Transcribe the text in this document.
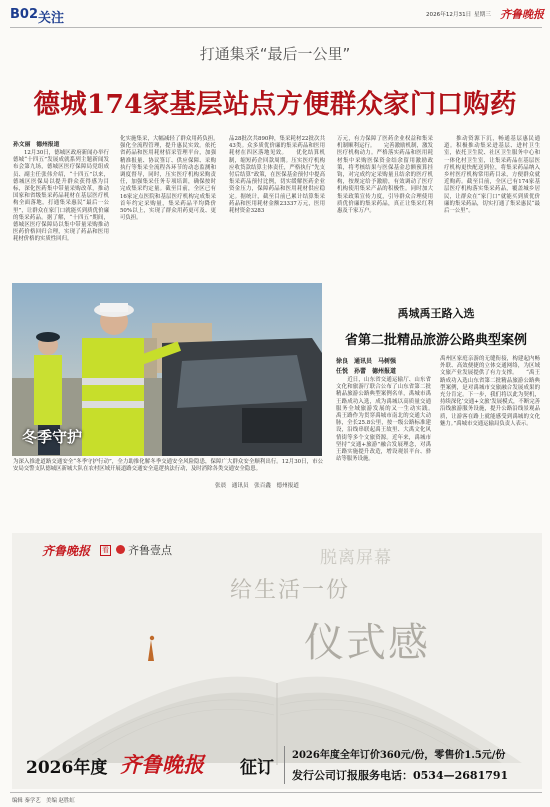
B02 关注	2026年12月31日 星期三 齐鲁晚报
打通集采“最后一公里”
德城174家基层站点方便群众家门口购药
孙文丽　德州报道
　　12月30日，德城区政府新闻办举行德城“十四五”发展成就系列主题新闻发布会第九场，德城区医疗保障局党组成员、副主任张伟介绍，“十四五”以来，德城区医保局以提升群众获得感为目标，深化医药集中带量采购改革，推动国家和省级集采药品耗材在基层医疗机构全面落地，打通集采惠民“最后一公里”，让群众在家门口就能买到质优价廉的集采药品。据了解，“十四五”期间，德城区医疗保障局以集中带量采购推动医药价格回归合理，实现了药品和医用耗材价格的实质性回归。
化实施集采，大幅减轻了群众用药负担。　　强化全流程管理，提升惠民实效。依托省药品和医用耗材招采管理平台，加强精准报量、协议签订、供应保障、采购执行等集采全流程各环节的动态监测和调度督导，同时，压实医疗机构采购责任，加强集采任务专项培训，确保按时完成集采约定量。截至目前，全区已有16家定点医院和基层医疗机构完成集采首年约定采购量，集采药品平均降价50%以上，实现了群众用药更可及、更可负担。
品28批次共890种，集采耗材22批次共43类。众多质优价廉的集采药品和医用耗材在四区落地见效。　　优化结算机制，缩短药企回款周期。压实医疗机构应收货款结算主体责任，严格执行“先支付后结算”政策，在医保基金预付中提高集采药品预付比例，切实缓解医药企业资金压力，保障药品和医用耗材供应稳定。据统计，截至目前已累计结算集采药品和医用耗材金额23337万元，医用耗材资金3283
万元，有力保障了医药企业权益和集采机制顺利运行。　　完善激励机制，激发医疗机构动力。严格落实药品和医用耗材集中采购医保资金结余留用激励政策，将考核结果与医保基金总额预算挂钩，对完成约定采购量且结余的医疗机构，按规定给予激励，有效调动了医疗机构使用集采产品的积极性。同时加大集采政策宣传力度，引导群众合理使用质优价廉的集采药品，真正让集采红利惠及千家万户。
　　推动资源下沉，畅通基层惠民通道。积极推动集采进基层、进村卫生室，依托卫生院、社区卫生服务中心和一体化村卫生室，让集采药品在基层医疗机构更快配送到位，将集采药品纳入乡村医疗机构常用药目录，方便群众就近购药。截至目前，全区已有174家基层医疗机构落实集采药品，覆盖城乡居民，让群众在“家门口”就能买到质优价廉的集采药品，切实打通了集采惠民“最后一公里”。
冬季守护
为深入推进道路交通安全“冬季守护行动”，全力助推化解冬季交通安全风险隐患，保障广大群众安全顺利出行。12月30日，市公安局交警支队德城区新城大队在农村区域开展道路交通安全巡逻执法行动，及时消除各类交通安全隐患。
张晨　通讯员　张百鑫　德州报道
禹城禹王路入选
省第二批精品旅游公路典型案例
徐良　通讯员　马树强
任悦　孙蕾　德州报道
　　近日，山东省交通运输厅、山东省文化和旅游厅联合公布了山东省第二批精品旅游公路典型案例名单，禹城市禹王路成功入选，成为禹城以高质量交通服务全域旅游发展的又一生动实践。　　禹王路作为贯穿禹城市南北的交通大动脉，全长25.8公里，按一级公路标准建设，沿线串联起禹王故里、大禹文化风情街等多个文旅资源。近年来，禹城市坚持“交通+旅游”融合发展理念，对禹王路实施提升改造，增设观景平台、驿站等服务设施。
禹州区家庭亲游的无缝衔接，构建起内畅外联、高效便捷的立体交通网络，为区域文旅产业发展提供了有力支撑。　　“禹王路成功入选山东省第二批精品旅游公路典型案例，是对禹城市交旅融合发展成果的充分肯定。下一步，我们将以此为契机，持续深化‘交通+文旅’发展模式，不断完善沿线旅游服务设施，提升公路沿线景观品质，让游客在路上就能感受到禹城的文化魅力。”禹城市交通运输局负责人表示。
齐鲁晚报 看 齐鲁壹点	脱离屏幕
给生活一份
仪式感
2026年度 齐鲁晚报 征订
2026年度全年订价360元/份，零售价1.5元/份
发行公司订报服务电话：0534—2681791
编辑 秦学艺　美编 赵胜虹
